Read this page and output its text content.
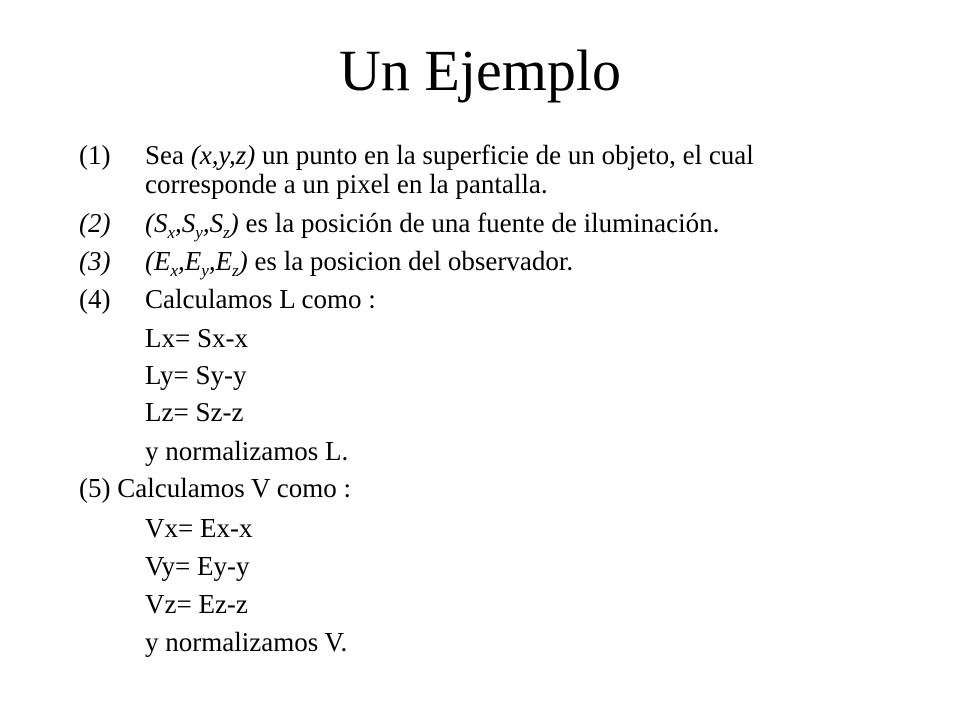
Un Ejemplo
(1) Sea (x,y,z) un punto en la superficie de un objeto, el cual
corresponde a un pixel en la pantalla.
(2) $(S_x,S_y,S_z)$ es la posición de una fuente de iluminación.
(3) $(E_x,E_y,E_z)$ es la posicion del observador.
(4) Calculamos L como :
Lx= Sx-x
Ly= Sy-y
Lz= Sz-z
y normalizamos L.
(5) Calculamos V como :
Vx= Ex-x
Vy= Ey-y
Vz= Ez-z
y normalizamos V.
